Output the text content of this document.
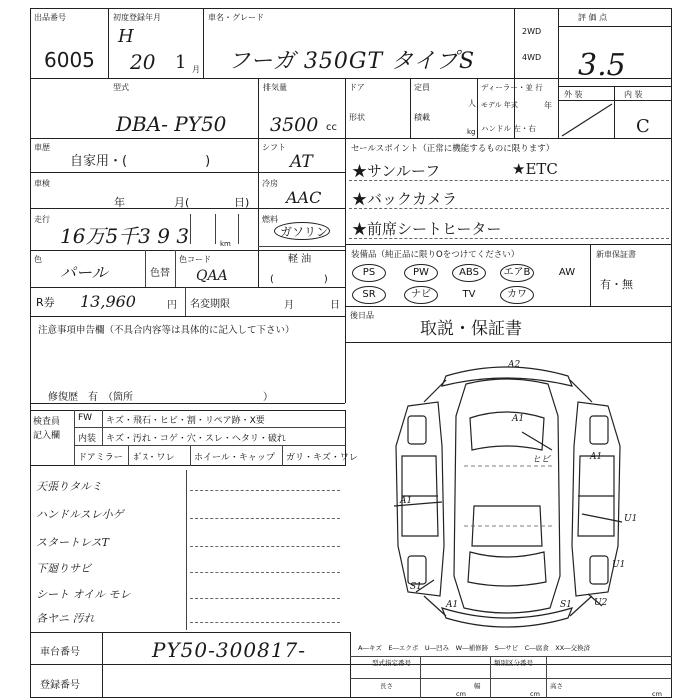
出品番号
6005
初度登録年月
H
20 1 月
車名・グレード
フーガ 350GT タイプS
2WD
4WD
評 価 点
3.5
外 装	内 装
C
型式
DBA- PY50
排気量
3500 cc
ドア
形状
定員
人
積載
kg
ディーラー・並 行
モデル 年式	年
ハンドル 左・右
車歴
自家用・(　　　　　　)
シフト
AT
車検
年	月(	日)
冷房
AAC
走行
16万5千3 9 3	km
燃料
ガソリン
軽 油
(　　　　　)
色
パール	色替
色コード
QAA
R券 13,960	円 名変期限	月	日
注意事項申告欄（不具合内容等は具体的に記入して下さい）
修復歴　有　（箇所　　　　　　　　　　　　　）
検査員
記入欄
FW キズ・飛石・ヒビ・割・リペア跡・X要
内装 キズ・汚れ・コゲ・穴・スレ・ヘタリ・破れ
ドアミラー ﾎﾞｽ・ワレ ホイール・キャップ ガリ・キズ・ワレ
天張りタルミ
ハンドルスレ小ゲ
スタートレスT
下廻りサビ
シート オイル モレ
各ヤニ 汚れ
セールスポイント（正常に機能するものに限ります）
★サンルーフ	★ETC
★バックカメラ
★前席シートヒーター
装備品（純正品に限りOをつけてください）	新車保証書
有・無
PS	PW	ABS	エアB	AW
SR	ナビ	TV	カワ
後日品
取説・保証書
A2
A1
ヒビ	A1
U1
A1
U1
S1
A1	S1 U2
A―キズ　E―エクボ　U―凹み　W―補修跡　S―サビ　C―腐食　XX―交換済
車台番号	PY50-300817-
登録番号
型式指定番号	類別区分番号
長さ	幅	高さ
cm	cm	cm
